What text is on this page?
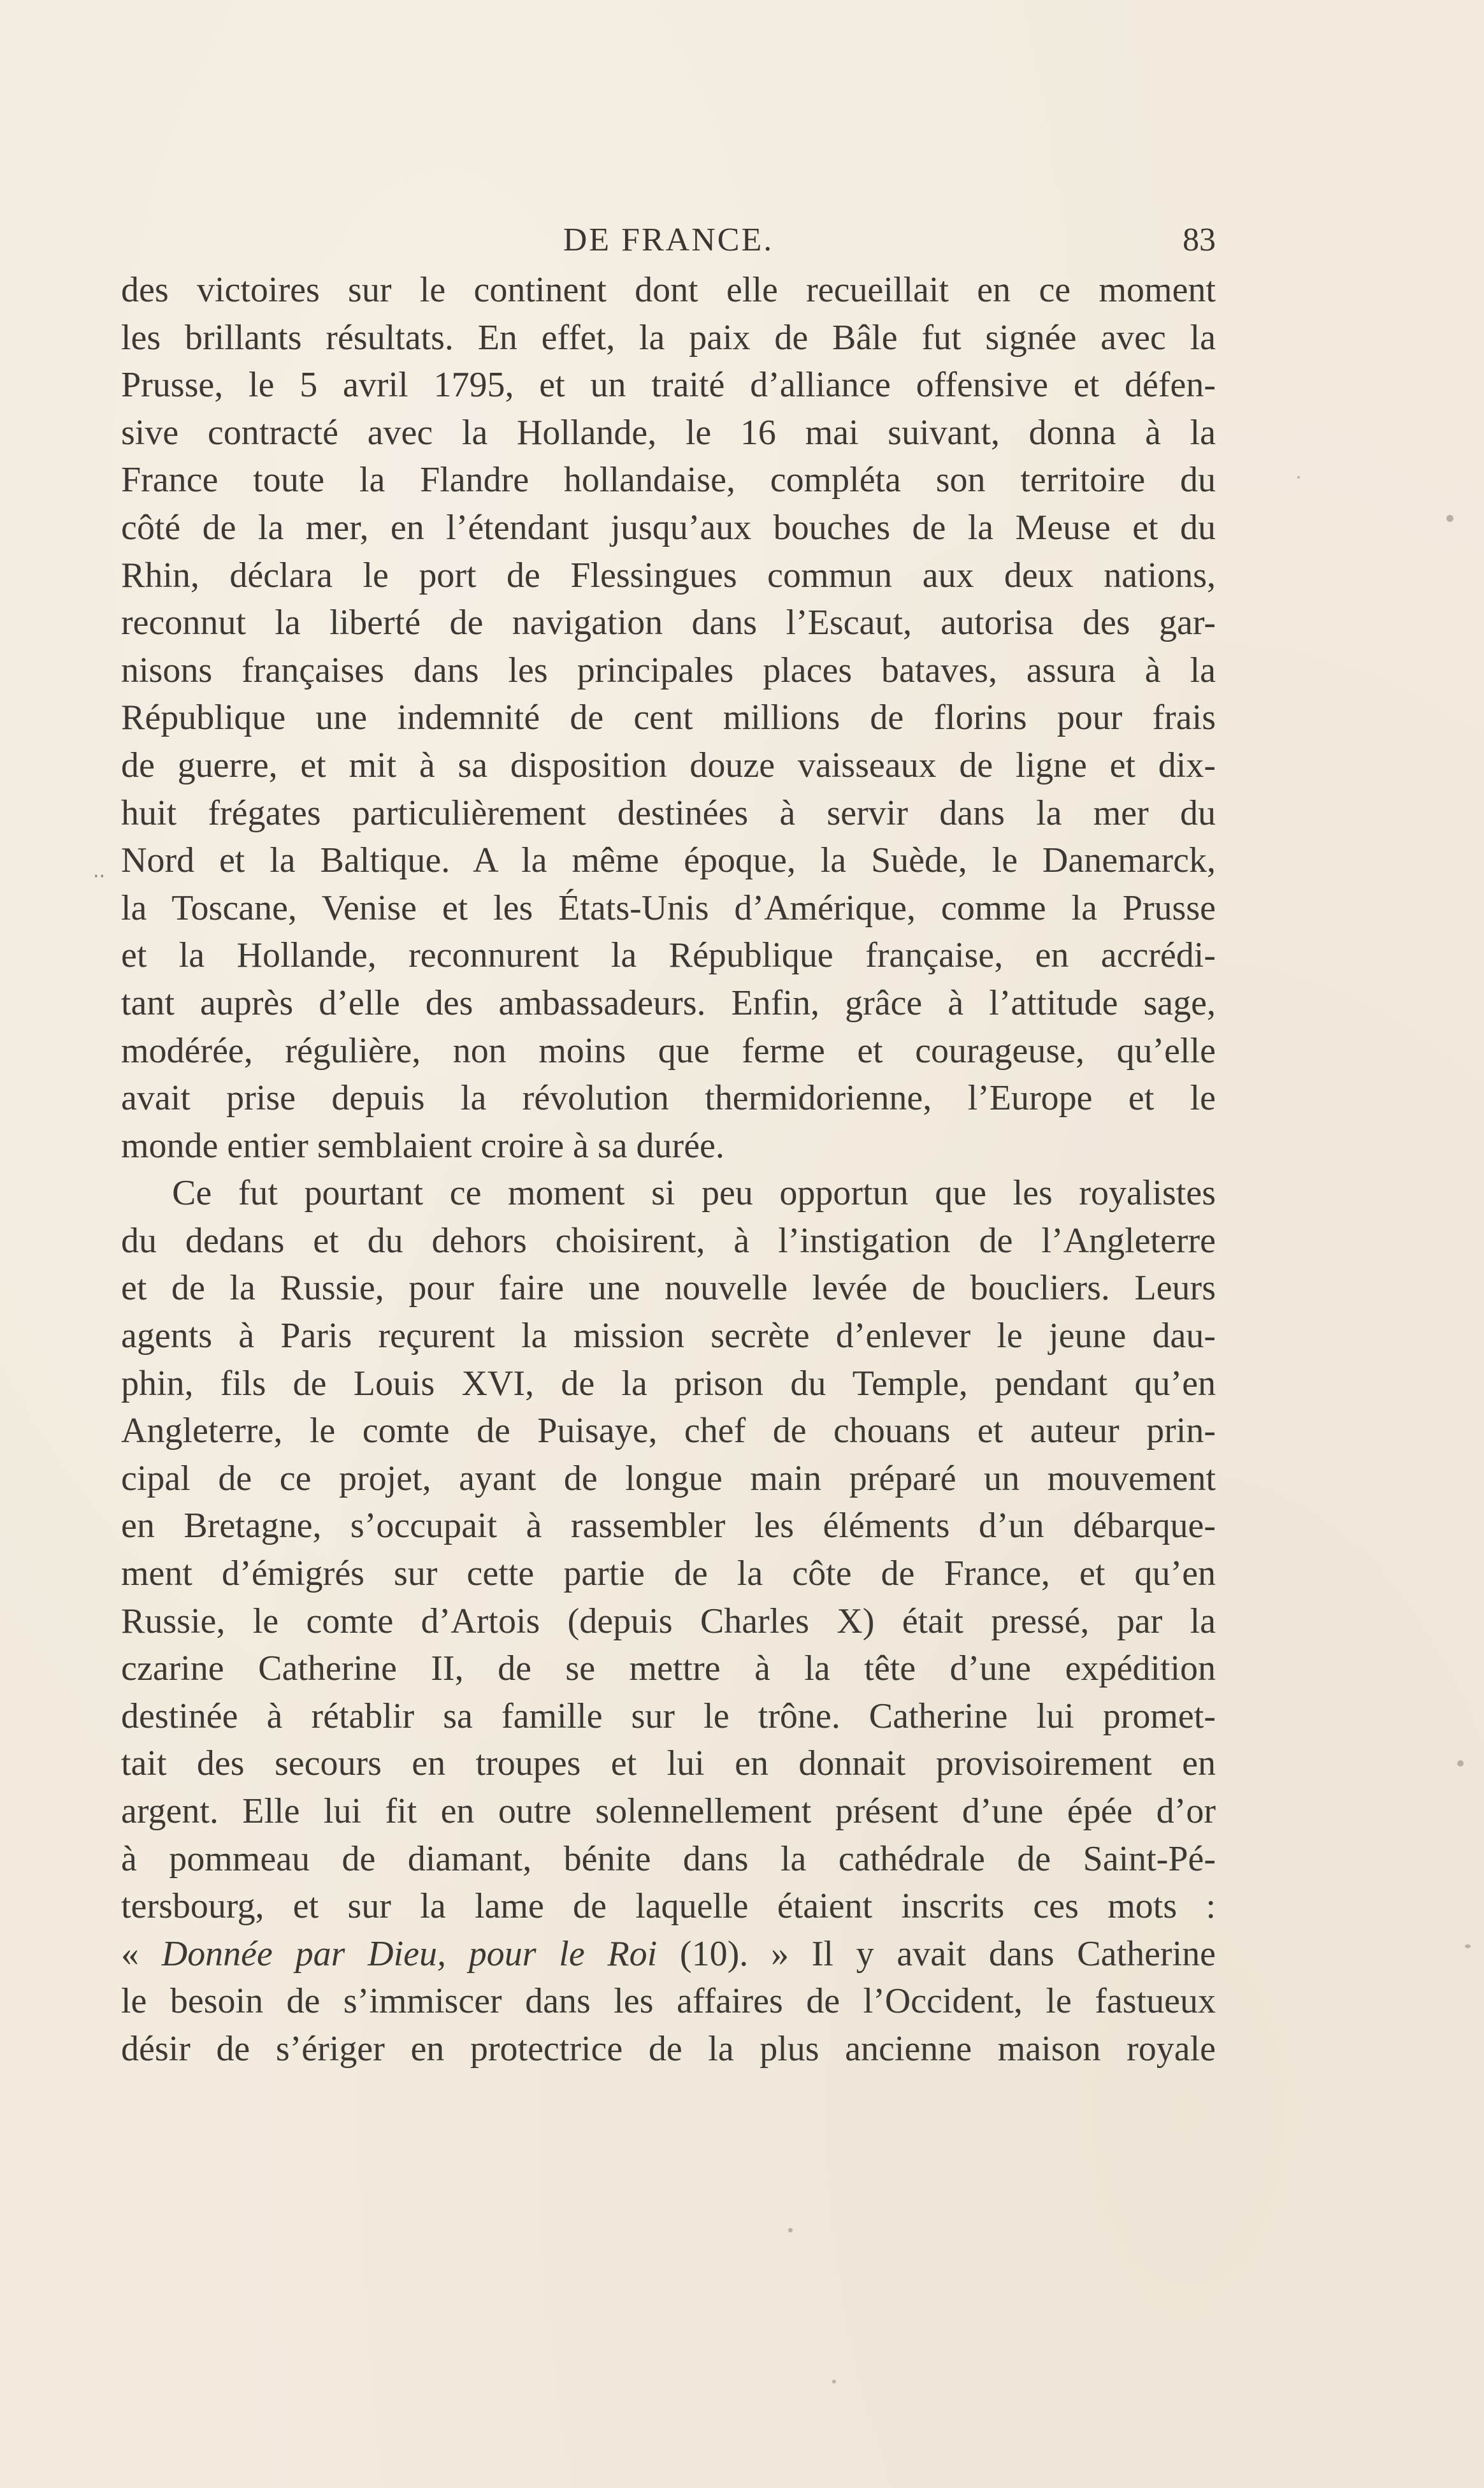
DE FRANCE.	83
des victoires sur le continent dont elle recueillait en ce moment
les brillants résultats. En effet, la paix de Bâle fut signée avec la
Prusse, le 5 avril 1795, et un traité d’alliance offensive et défen-
sive contracté avec la Hollande, le 16 mai suivant, donna à la
France toute la Flandre hollandaise, compléta son territoire du
côté de la mer, en l’étendant jusqu’aux bouches de la Meuse et du
Rhin, déclara le port de Flessingues commun aux deux nations,
reconnut la liberté de navigation dans l’Escaut, autorisa des gar-
nisons françaises dans les principales places bataves, assura à la
République une indemnité de cent millions de florins pour frais
de guerre, et mit à sa disposition douze vaisseaux de ligne et dix-
huit frégates particulièrement destinées à servir dans la mer du
Nord et la Baltique. A la même époque, la Suède, le Danemarck,
la Toscane, Venise et les États-Unis d’Amérique, comme la Prusse
et la Hollande, reconnurent la République française, en accrédi-
tant auprès d’elle des ambassadeurs. Enfin, grâce à l’attitude sage,
modérée, régulière, non moins que ferme et courageuse, qu’elle
avait prise depuis la révolution thermidorienne, l’Europe et le
monde entier semblaient croire à sa durée.
Ce fut pourtant ce moment si peu opportun que les royalistes
du dedans et du dehors choisirent, à l’instigation de l’Angleterre
et de la Russie, pour faire une nouvelle levée de boucliers. Leurs
agents à Paris reçurent la mission secrète d’enlever le jeune dau-
phin, fils de Louis XVI, de la prison du Temple, pendant qu’en
Angleterre, le comte de Puisaye, chef de chouans et auteur prin-
cipal de ce projet, ayant de longue main préparé un mouvement
en Bretagne, s’occupait à rassembler les éléments d’un débarque-
ment d’émigrés sur cette partie de la côte de France, et qu’en
Russie, le comte d’Artois (depuis Charles X) était pressé, par la
czarine Catherine II, de se mettre à la tête d’une expédition
destinée à rétablir sa famille sur le trône. Catherine lui promet-
tait des secours en troupes et lui en donnait provisoirement en
argent. Elle lui fit en outre solennellement présent d’une épée d’or
à pommeau de diamant, bénite dans la cathédrale de Saint-Pé-
tersbourg, et sur la lame de laquelle étaient inscrits ces mots :
« Donnée par Dieu, pour le Roi (10). » Il y avait dans Catherine
le besoin de s’immiscer dans les affaires de l’Occident, le fastueux
désir de s’ériger en protectrice de la plus ancienne maison royale
··
